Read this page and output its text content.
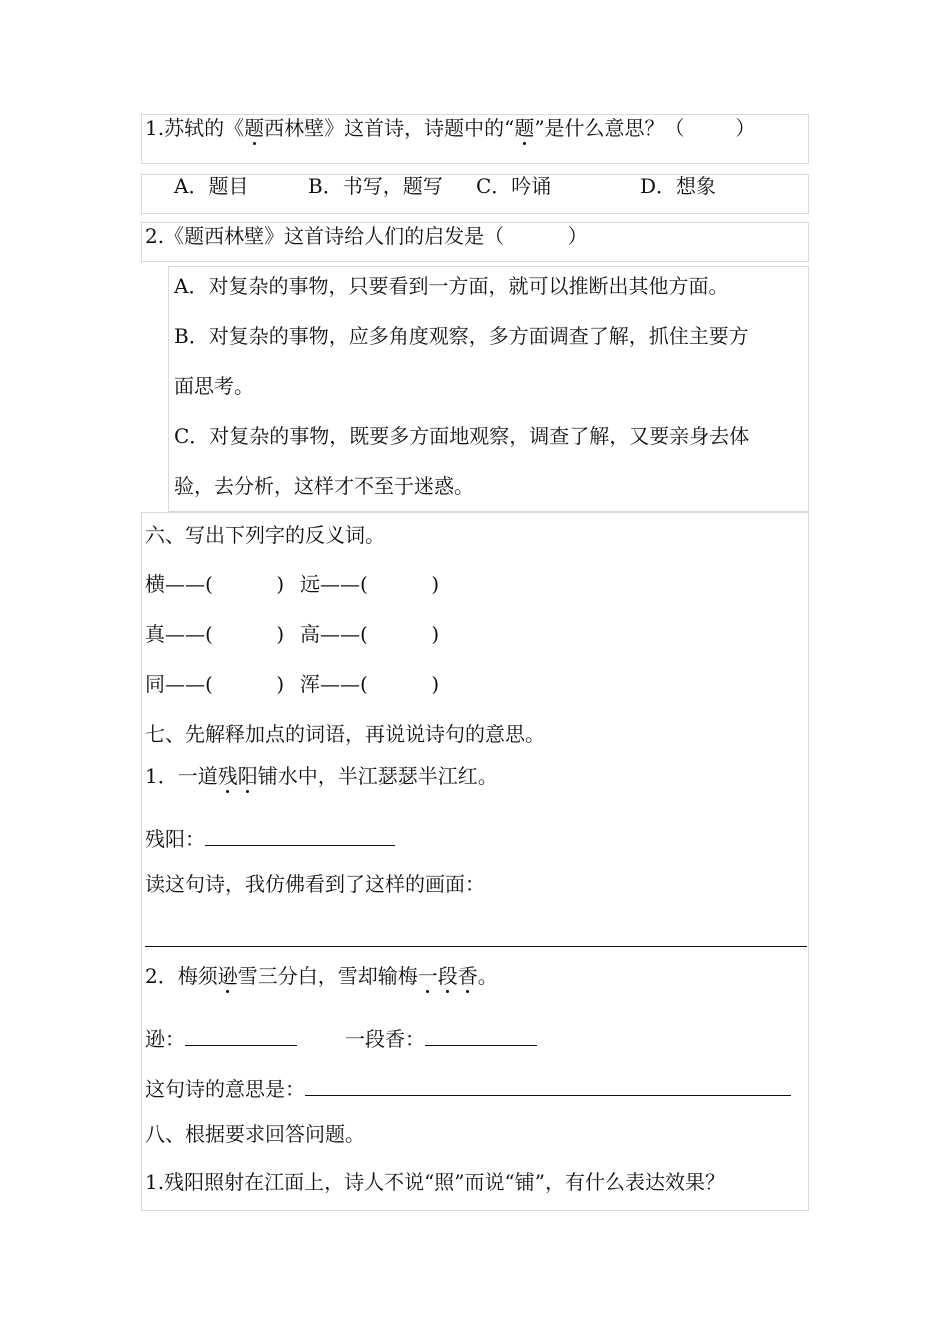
1.苏轼的《题西林壁》这首诗，诗题中的“题”是什么意思？（        ）
A．题目	B．书写，题写 C．吟诵	D．想象
2.《题西林壁》这首诗给人们的启发是（          ）
A．对复杂的事物，只要看到一方面，就可以推断出其他方面。
B．对复杂的事物，应多角度观察，多方面调查了解，抓住主要方
面思考。
C．对复杂的事物，既要多方面地观察，调查了解，又要亲身去体
验，去分析，这样才不至于迷惑。
六、写出下列字的反义词。
横——(          ) 远——(          )
真——(          ) 高——(          )
同——(          ) 浑——(          )
七、先解释加点的词语，再说说诗句的意思。
1．一道残阳铺水中，半江瑟瑟半江红。
残阳：
读这句诗，我仿佛看到了这样的画面：
2．梅须逊雪三分白，雪却输梅一段香。
逊：	一段香：
这句诗的意思是：
八、根据要求回答问题。
1.残阳照射在江面上，诗人不说“照”而说“铺”，有什么表达效果？
